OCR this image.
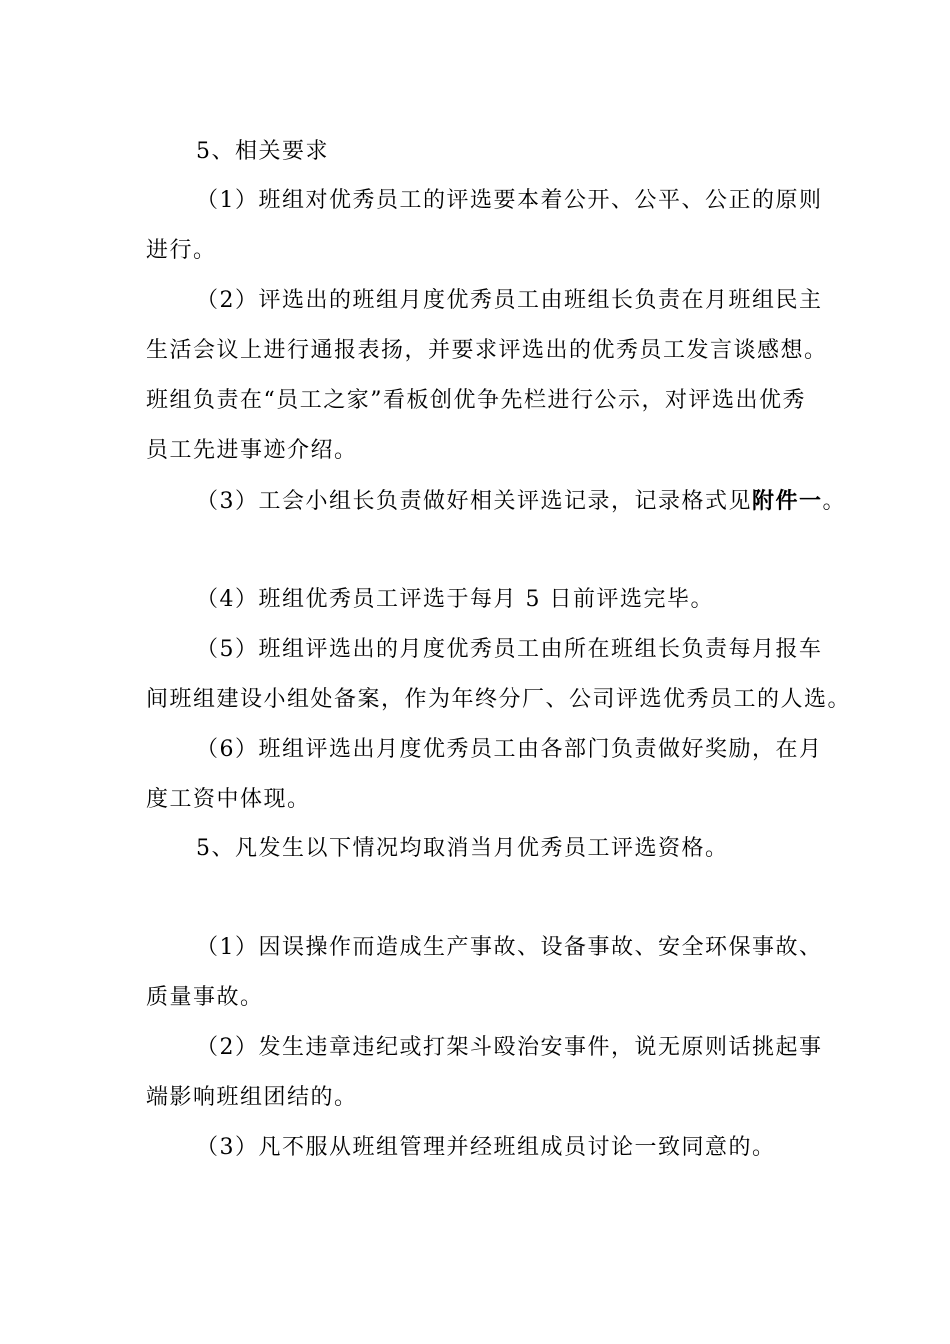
5、相关要求
（1）班组对优秀员工的评选要本着公开、公平、公正的原则
进行。
（2）评选出的班组月度优秀员工由班组长负责在月班组民主
生活会议上进行通报表扬，并要求评选出的优秀员工发言谈感想。
班组负责在“员工之家”看板创优争先栏进行公示，对评选出优秀
员工先进事迹介绍。
（3）工会小组长负责做好相关评选记录，记录格式见附件一。
（4）班组优秀员工评选于每月 5 日前评选完毕。
（5）班组评选出的月度优秀员工由所在班组长负责每月报车
间班组建设小组处备案，作为年终分厂、公司评选优秀员工的人选。
（6）班组评选出月度优秀员工由各部门负责做好奖励，在月
度工资中体现。
5、凡发生以下情况均取消当月优秀员工评选资格。
（1）因误操作而造成生产事故、设备事故、安全环保事故、
质量事故。
（2）发生违章违纪或打架斗殴治安事件，说无原则话挑起事
端影响班组团结的。
（3）凡不服从班组管理并经班组成员讨论一致同意的。
